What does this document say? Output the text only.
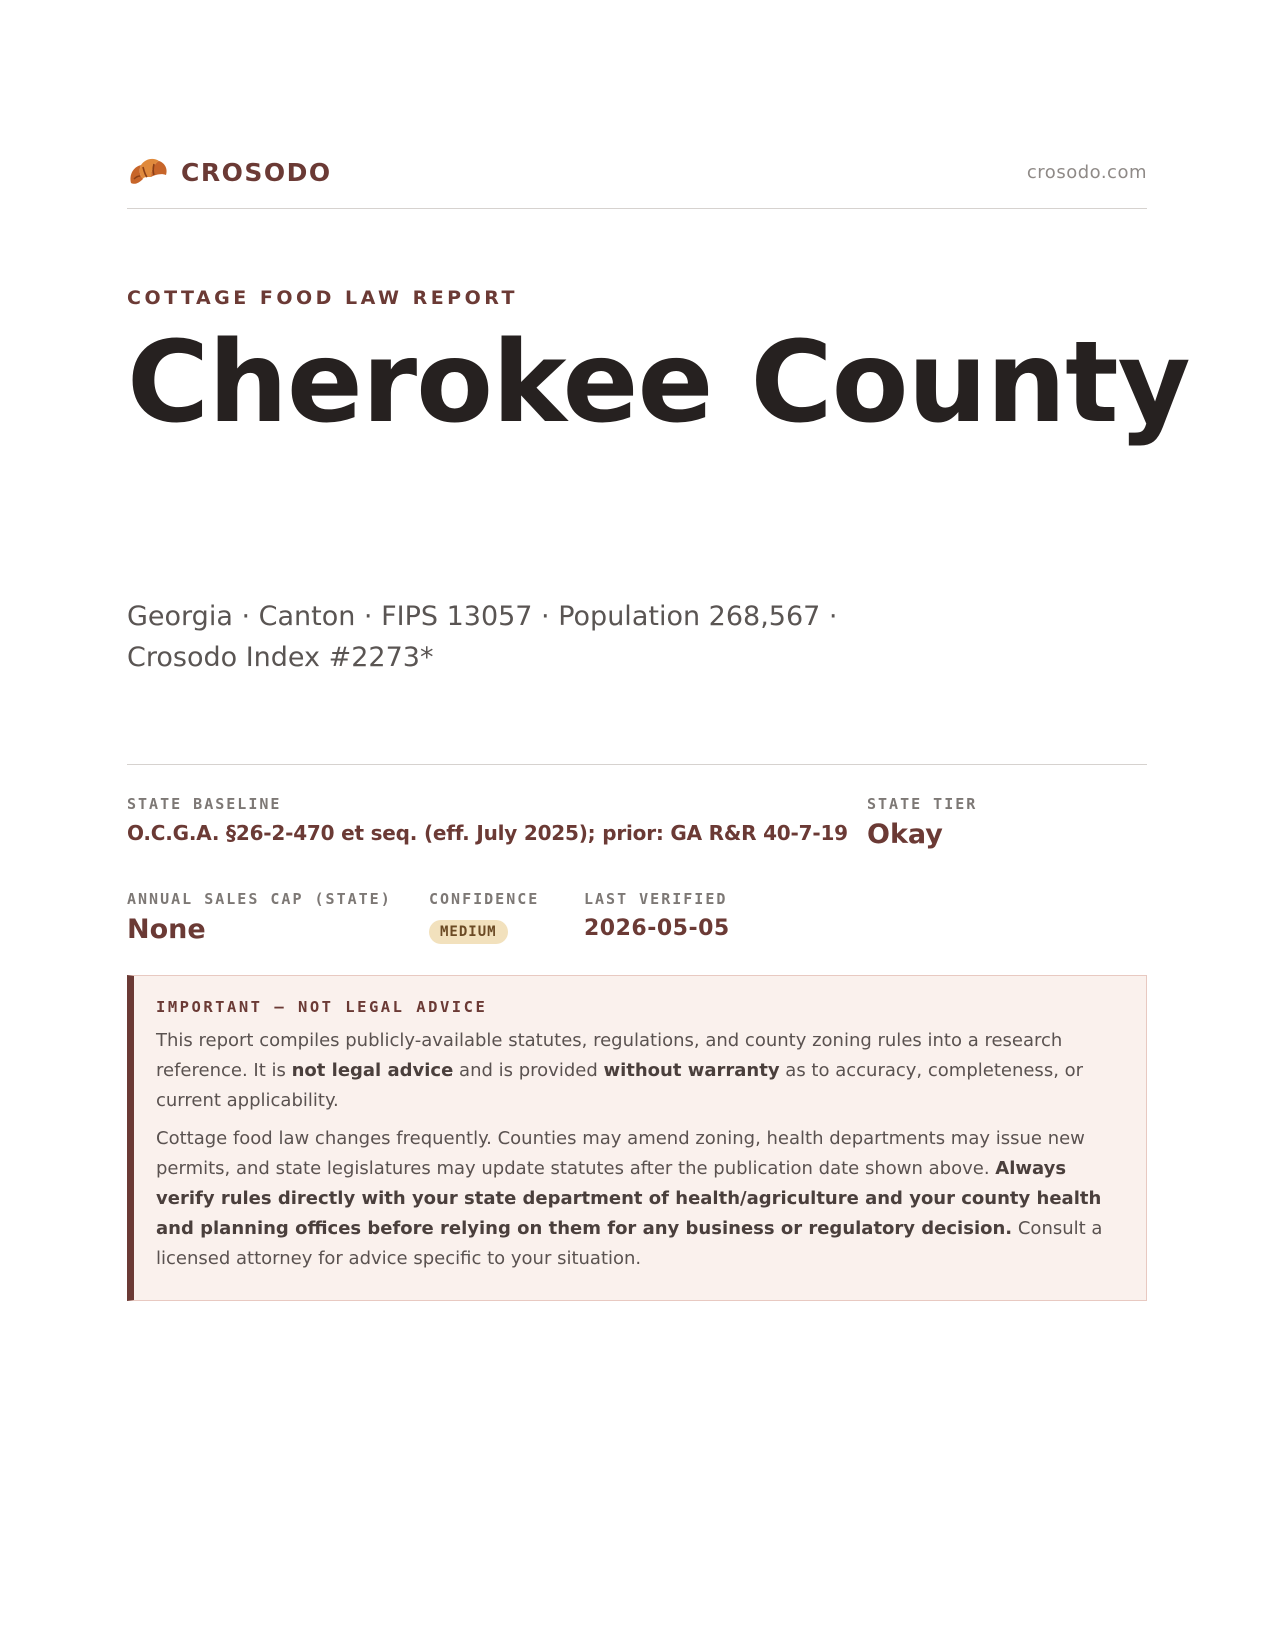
CROSODO	crosodo.com
COTTAGE FOOD LAW REPORT
Cherokee County
Georgia · Canton · FIPS 13057 · Population 268,567 · Crosodo Index #2273*
STATE BASELINE
O.C.G.A. §26-2-470 et seq. (eff. July 2025); prior: GA R&R 40-7-19
STATE TIER
Okay
ANNUAL SALES CAP (STATE)
None
CONFIDENCE
MEDIUM
LAST VERIFIED
2026-05-05
IMPORTANT — NOT LEGAL ADVICE

This report compiles publicly-available statutes, regulations, and county zoning rules into a research reference. It is not legal advice and is provided without warranty as to accuracy, completeness, or current applicability.

Cottage food law changes frequently. Counties may amend zoning, health departments may issue new permits, and state legislatures may update statutes after the publication date shown above. Always verify rules directly with your state department of health/agriculture and your county health and planning offices before relying on them for any business or regulatory decision. Consult a licensed attorney for advice specific to your situation.
